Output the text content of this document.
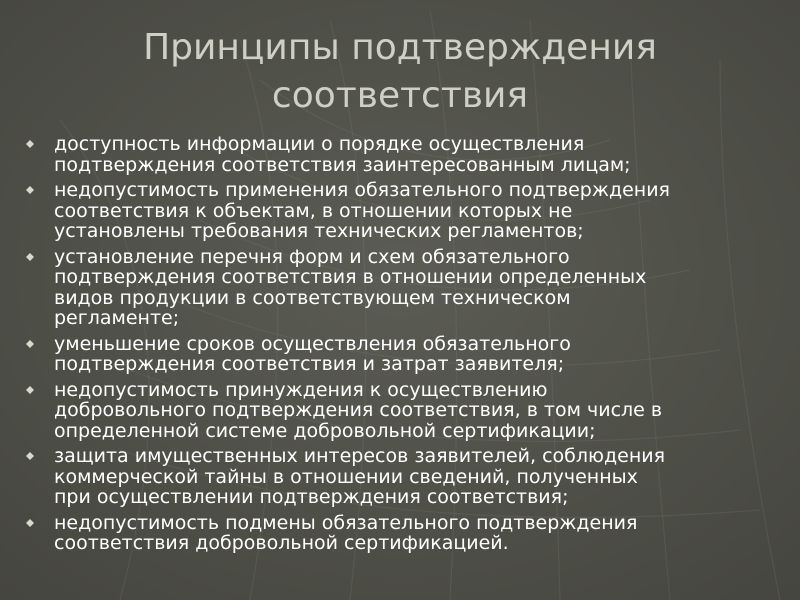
Принципы подтверждения
соответствия
доступность информации о порядке осуществления
подтверждения соответствия заинтересованным лицам;
недопустимость применения обязательного подтверждения
соответствия к объектам, в отношении которых не
установлены требования технических регламентов;
установление перечня форм и схем обязательного
подтверждения соответствия в отношении определенных
видов продукции в соответствующем техническом
регламенте;
уменьшение сроков осуществления обязательного
подтверждения соответствия и затрат заявителя;
недопустимость принуждения к осуществлению
добровольного подтверждения соответствия, в том числе в
определенной системе добровольной сертификации;
защита имущественных интересов заявителей, соблюдения
коммерческой тайны в отношении сведений, полученных
при осуществлении подтверждения соответствия;
недопустимость подмены обязательного подтверждения
соответствия добровольной сертификацией.
